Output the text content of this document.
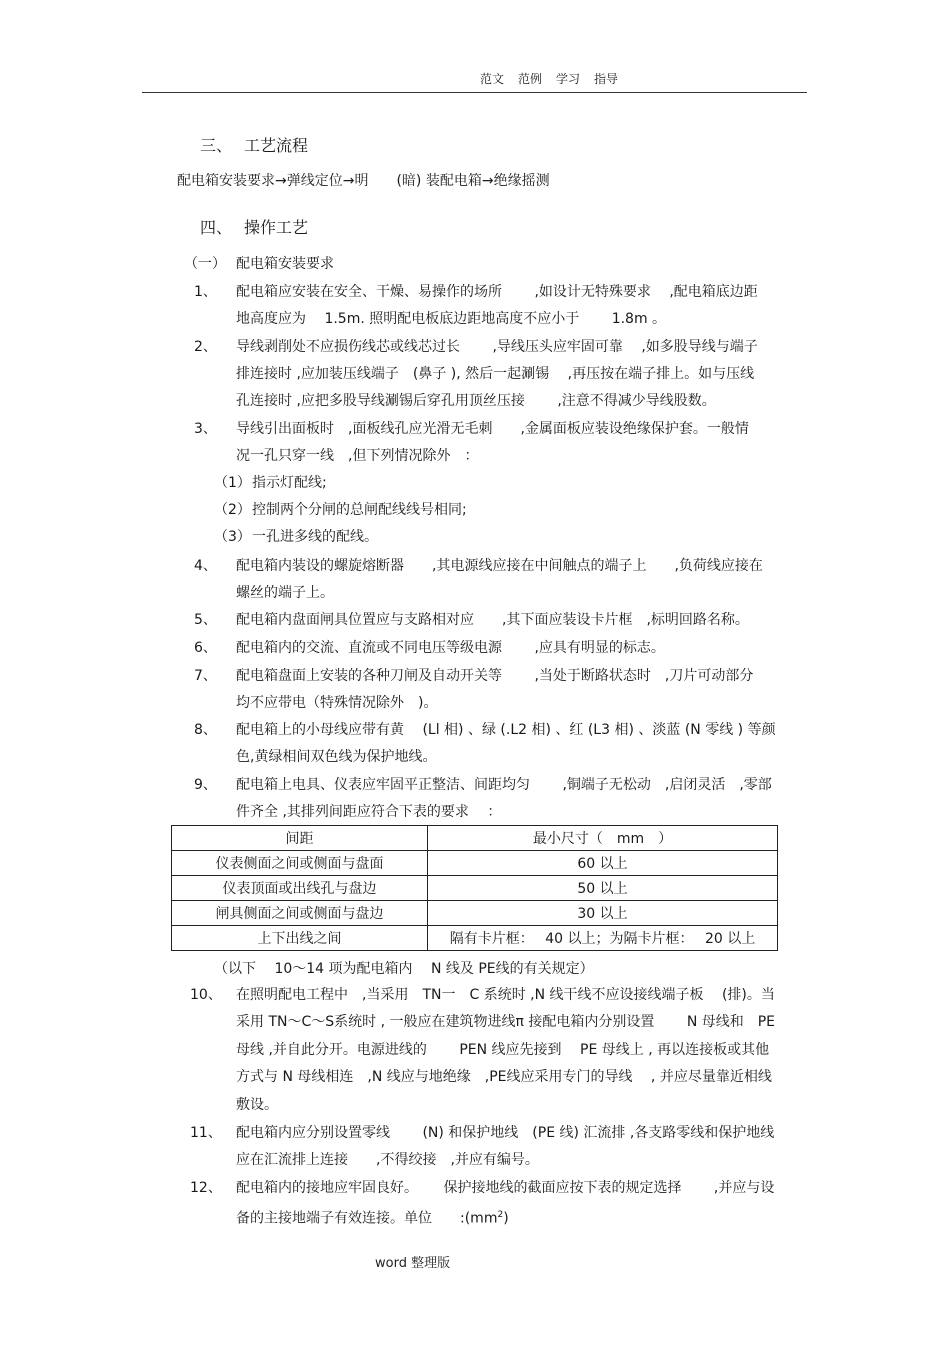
范文 范例 学习 指导
三、 工艺流程
配电箱安装要求→弹线定位→明　　(暗) 装配电箱→绝缘摇测
四、 操作工艺
（一） 配电箱安装要求
1、 配电箱应安装在安全、干燥、易操作的场所　　 ,如设计无特殊要求　 ,配电箱底边距
地高度应为　 1.5m. 照明配电板底边距地高度不应小于　　 1.8m 。
2、 导线剥削处不应损伤线芯或线芯过长　　 ,导线压头应牢固可靠　 ,如多股导线与端子
排连接时 ,应加装压线端子　(鼻子 ), 然后一起涮锡　 ,再压按在端子排上。如与压线
孔连接时 ,应把多股导线涮锡后穿孔用顶丝压接　　 ,注意不得减少导线股数。
3、 导线引出面板时　,面板线孔应光滑无毛刺　　,金属面板应装设绝缘保护套。一般情
况一孔只穿一线　,但下列情况除外　：
（1） 指示灯配线;
（2） 控制两个分闸的总闸配线线号相同;
（3） 一孔进多线的配线。
4、 配电箱内装设的螺旋熔断器　　,其电源线应接在中间触点的端子上　　,负荷线应接在
螺丝的端子上。
5、 配电箱内盘面闸具位置应与支路相对应　　,其下面应装设卡片框　,标明回路名称。
6、 配电箱内的交流、直流或不同电压等级电源　　 ,应具有明显的标志。
7、 配电箱盘面上安装的各种刀闸及自动开关等　　 ,当处于断路状态时　,刀片可动部分
均不应带电（特殊情况除外　)。
8、 配电箱上的小母线应带有黄　 (Ll 相) 、绿 (.L2 相) 、红 (L3 相) 、淡蓝 (N 零线 ) 等颜
色,黄绿相间双色线为保护地线。
9、 配电箱上电具、仪表应牢固平正整洁、间距均匀　　 ,铜端子无松动　,启闭灵活　,零部
件齐全 ,其排列间距应符合下表的要求　 ：
间距	最小尺寸（　mm　）
仪表侧面之间或侧面与盘面	60 以上
仪表顶面或出线孔与盘边	50 以上
闸具侧面之间或侧面与盘边	30 以上
上下出线之间	隔有卡片框：　 40 以上；为隔卡片框：　 20 以上
（以下　 10～14 项为配电箱内　 N 线及 PE线的有关规定）
10、 在照明配电工程中　,当采用　TN一　C 系统时 ,N 线干线不应设接线端子板　 (排)。当
采用 TN～C～S系统时 , 一般应在建筑物进线π 接配电箱内分别设置　　 N 母线和　PE
母线 ,并自此分开。电源进线的　　 PEN 线应先接到　 PE 母线上 , 再以连接板或其他
方式与 N 母线相连　,N 线应与地绝缘　,PE线应采用专门的导线　 , 并应尽量靠近相线
敷设。
11、 配电箱内应分别设置零线　　 (N) 和保护地线　(PE 线) 汇流排 ,各支路零线和保护地线
应在汇流排上连接　　,不得绞接　,并应有编号。
12、 配电箱内的接地应牢固良好。　　 保护接地线的截面应按下表的规定选择　　 ,并应与设
备的主接地端子有效连接。单位　　$:(mm^2)$
word 整理版
